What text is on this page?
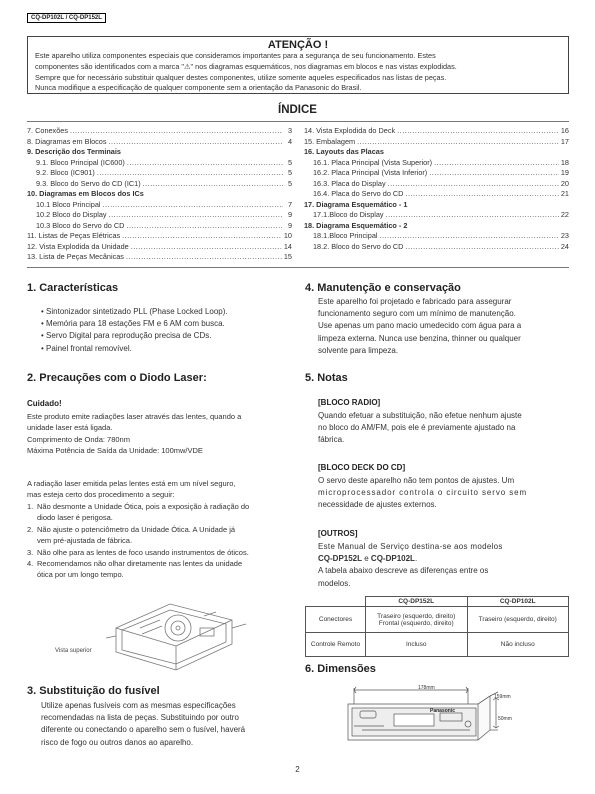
CQ-DP102L / CQ-DP152L
ATENÇÃO !
Este aparelho utiliza componentes especiais que consideramos importantes para a segurança de seu funcionamento. Estes
componentes são identificados com a marca "⚠" nos diagramas esquemáticos, nos diagramas em blocos e nas vistas explodidas.
Sempre que for necessário substituir qualquer destes componentes, utilize somente aqueles especificados nas listas de peças.
Nunca modifique a especificação de qualquer componente sem a orientação da Panasonic do Brasil.
ÍNDICE
7. Conexões .....	3
8. Diagramas em Blocos .....	4
9. Descrição dos Terminais
9.1. Bloco Principal (IC600) .....	5
9.2. Bloco (IC901) .....	5
9.3. Bloco do Servo do CD (IC1) .....	5
10. Diagramas em Blocos dos ICs
10.1 Bloco Principal .....	7
10.2 Bloco do Display .....	9
10.3 Bloco do Servo do CD .....	9
11. Listas de Peças Elétricas .....	10
12. Vista Explodida da Unidade .....	14
13. Lista de Peças Mecânicas .....	15
14. Vista Explodida do Deck .....	16
15. Embalagem .....	17
16. Layouts das Placas
16.1. Placa Principal (Vista Superior) .....	18
16.2. Placa Principal (Vista Inferior) .....	19
16.3. Placa do Display .....	20
16.4. Placa do Servo do CD .....	21
17. Diagrama Esquemático - 1
17.1.Bloco do Display .....	22
18. Diagrama Esquemático - 2
18.1.Bloco Principal .....	23
18.2. Bloco do Servo do CD .....	24
1. Características
• Sintonizador sintetizado PLL (Phase Locked Loop).
• Memória para 18 estações FM e 6 AM com busca.
• Servo Digital para reprodução precisa de CDs.
• Painel frontal removível.
2. Precauções com o Diodo Laser:
Cuidado!
Este produto emite radiações laser através das lentes, quando a
unidade laser está ligada.
Comprimento de Onda: 780nm
Máxima Potência de Saída da Unidade: 100mw/VDE
A radiação laser emitida pelas lentes está em um nível seguro,
mas esteja certo dos procedimento a seguir:
1. Não desmonte a Unidade Ótica, pois a exposição à radiação do
diodo laser é perigosa.
2. Não ajuste o potenciômetro da Unidade Ótica. A Unidade já
vem pré-ajustada de fábrica.
3. Não olhe para as lentes de foco usando instrumentos de óticos.
4. Recomendamos não olhar diretamente nas lentes da unidade
ótica por um longo tempo.
Vista superior
3. Substituição do fusível
Utilize apenas fusíveis com as mesmas especificações
recomendadas na lista de peças. Substituindo por outro
diferente ou conectando o aparelho sem o fusível, haverá
risco de fogo ou outros danos ao aparelho.
4. Manutenção e conservação
Este aparelho foi projetado e fabricado para assegurar
funcionamento seguro com um mínimo de manutenção.
Use apenas um pano macio umedecido com água para a
limpeza externa. Nunca use benzina, thinner ou qualquer
solvente para limpeza.
5. Notas
[BLOCO RADIO]
Quando efetuar a substituição, não efetue nenhum ajuste
no bloco do AM/FM, pois ele é previamente ajustado na
fábrica.
[BLOCO DECK DO CD]
O servo deste aparelho não tem pontos de ajustes. Um
microprocessador controla o circuito servo sem
necessidade de ajustes externos.
[OUTROS]
Este Manual de Serviço destina-se aos modelos
CQ-DP152L e CQ-DP102L.
A tabela abaixo descreve as diferenças entre os
modelos.
	CQ-DP152L	CQ-DP102L
Conectores	Traseiro (esquerdo, direito)
Frontal (esquerdo, direito)	Traseiro (esquerdo, direito)
Controle Remoto	Incluso	Não incluso
6. Dimensões
178mm
159mm
50mm
Panasonic
2
